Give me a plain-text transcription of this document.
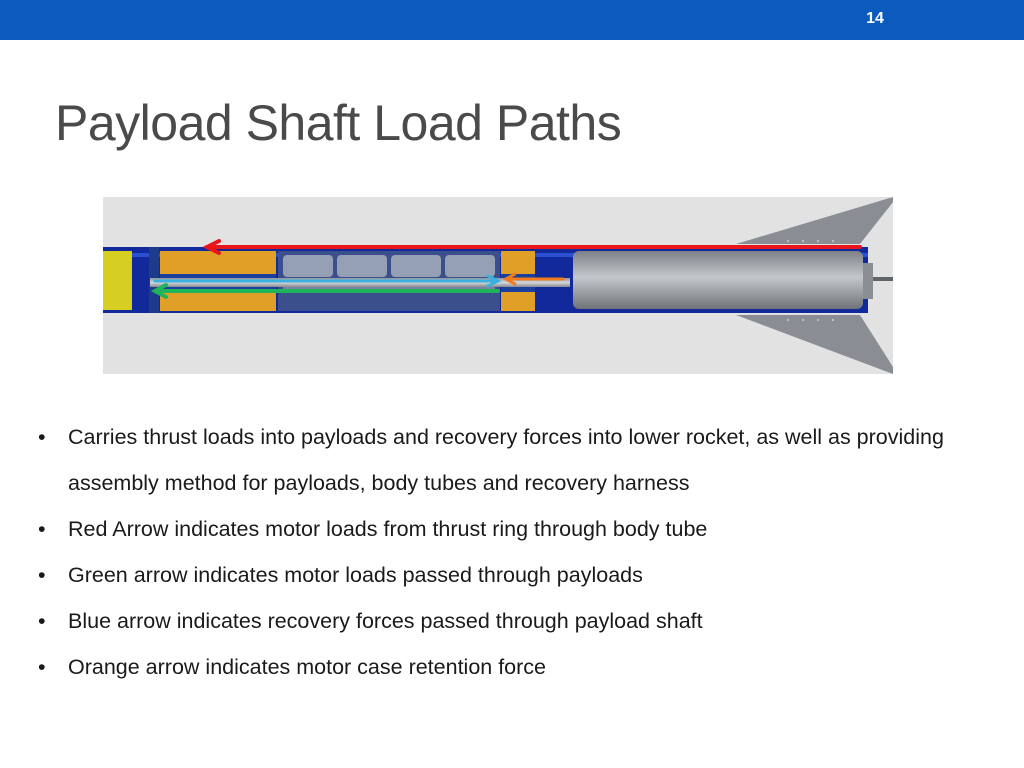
14
Payload Shaft Load Paths
• Carries thrust loads into payloads and recovery forces into lower rocket, as well as providing assembly method for payloads, body tubes and recovery harness
• Red Arrow indicates motor loads from thrust ring through body tube
• Green arrow indicates motor loads passed through payloads
• Blue arrow indicates recovery forces passed through payload shaft
• Orange arrow indicates motor case retention force
